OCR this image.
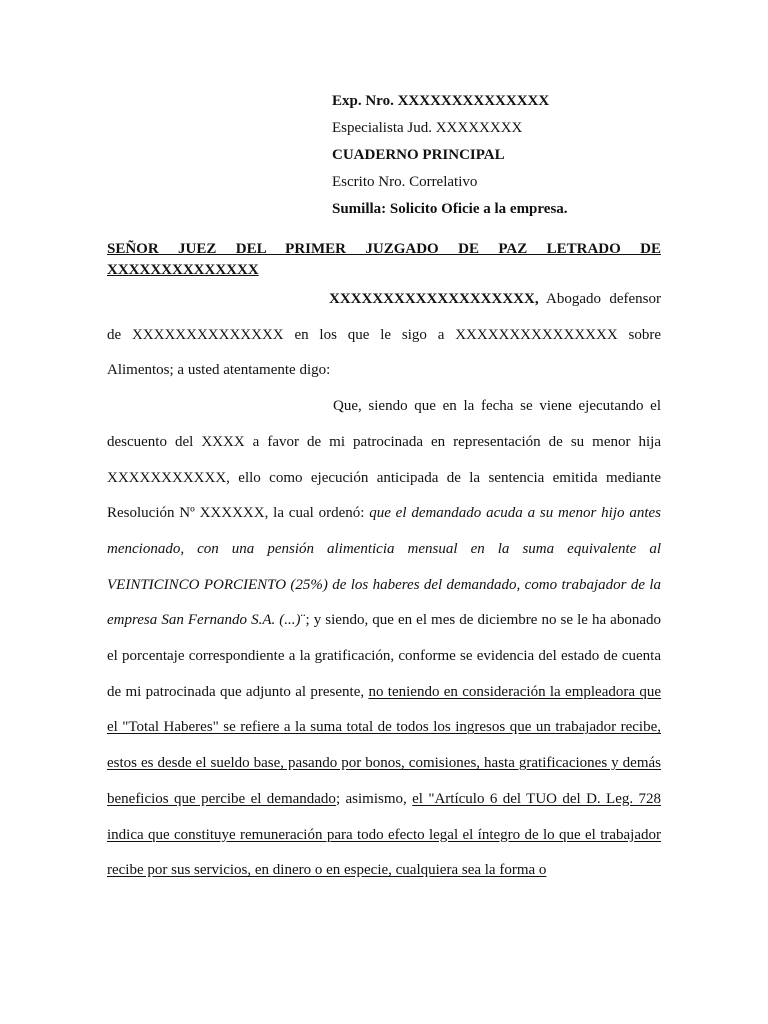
Exp. Nro. XXXXXXXXXXXXXX
Especialista Jud. XXXXXXXX
CUADERNO PRINCIPAL
Escrito Nro. Correlativo
Sumilla: Solicito Oficie a la empresa.
SEÑOR JUEZ DEL PRIMER JUZGADO DE PAZ LETRADO DE
XXXXXXXXXXXXXX

XXXXXXXXXXXXXXXXXXX, Abogado defensor de XXXXXXXXXXXXXX en los que le sigo a XXXXXXXXXXXXXXX sobre Alimentos; a usted atentamente digo:

Que, siendo que en la fecha se viene ejecutando el descuento del XXXX a favor de mi patrocinada en representación de su menor hija XXXXXXXXXXX, ello como ejecución anticipada de la sentencia emitida mediante Resolución Nº XXXXXX, la cual ordenó: que el demandado acuda a su menor hijo antes mencionado, con una pensión alimenticia mensual en la suma equivalente al VEINTICINCO PORCIENTO (25%) de los haberes del demandado, como trabajador de la empresa San Fernando S.A. (...)¨; y siendo, que en el mes de diciembre no se le ha abonado el porcentaje correspondiente a la gratificación, conforme se evidencia del estado de cuenta de mi patrocinada que adjunto al presente, no teniendo en consideración la empleadora que el "Total Haberes" se refiere a la suma total de todos los ingresos que un trabajador recibe, estos es desde el sueldo base, pasando por bonos, comisiones, hasta gratificaciones y demás beneficios que percibe el demandado; asimismo, el "Artículo 6 del TUO del D. Leg. 728 indica que constituye remuneración para todo efecto legal el íntegro de lo que el trabajador recibe por sus servicios, en dinero o en especie, cualquiera sea la forma o
